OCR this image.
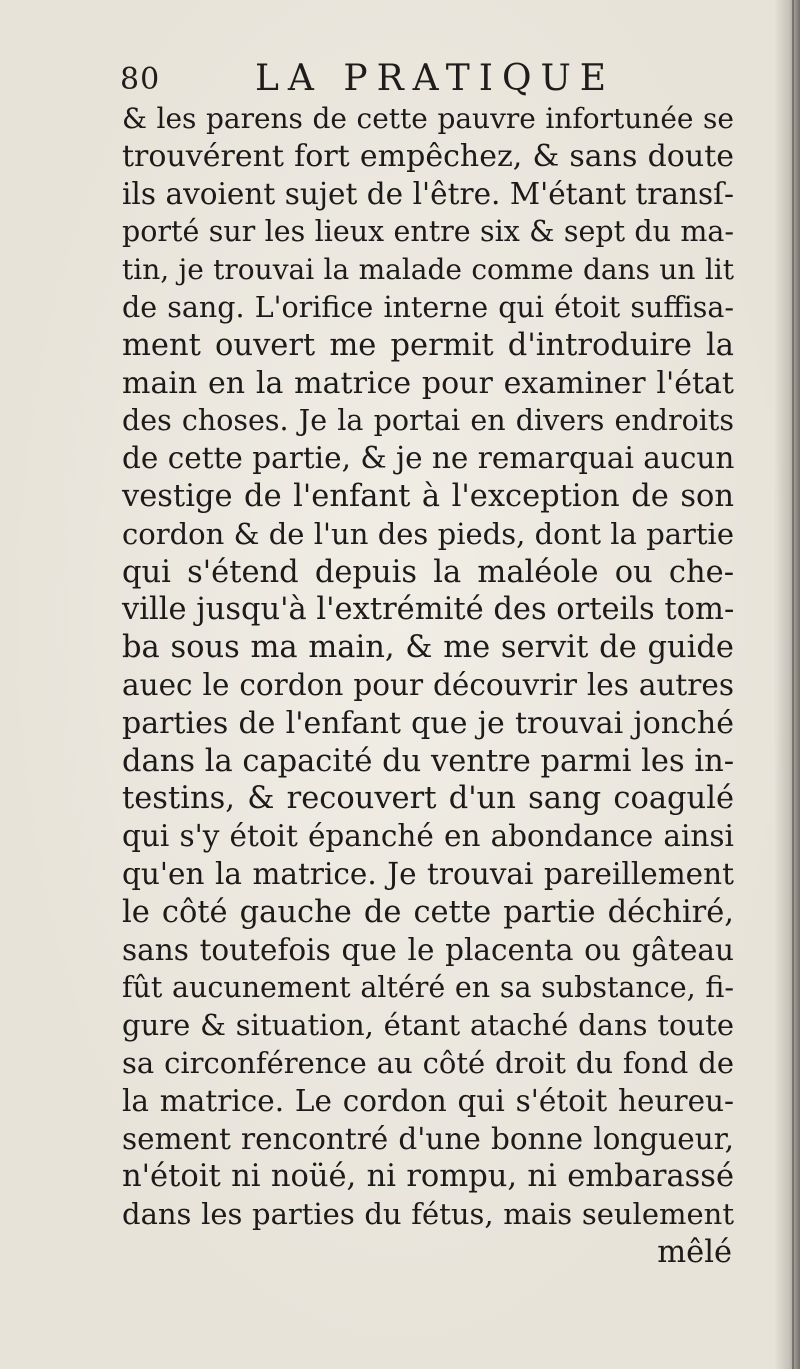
80	LA PRATIQUE
& les parens de cette pauvre infortunée se
trouvérent fort empêchez, & sans doute
ils avoient sujet de l'être. M'étant transſ-
porté sur les lieux entre six & sept du ma-
tin, je trouvai la malade comme dans un lit
de sang. L'orifice interne qui étoit suffisa-
ment ouvert me permit d'introduire la
main en la matrice pour examiner l'état
des choses. Je la portai en divers endroits
de cette partie, & je ne remarquai aucun
vestige de l'enfant à l'exception de son
cordon & de l'un des pieds, dont la partie
qui s'étend depuis la maléole ou che-
ville jusqu'à l'extrémité des orteils tom-
ba sous ma main, & me servit de guide
auec le cordon pour découvrir les autres
parties de l'enfant que je trouvai jonché
dans la capacité du ventre parmi les in-
testins, & recouvert d'un sang coagulé
qui s'y étoit épanché en abondance ainsi
qu'en la matrice. Je trouvai pareillement
le côté gauche de cette partie déchiré,
sans toutefois que le placenta ou gâteau
fût aucunement altéré en sa substance, fi-
gure & situation, étant ataché dans toute
sa circonférence au côté droit du fond de
la matrice. Le cordon qui s'étoit heureu-
sement rencontré d'une bonne longueur,
n'étoit ni noüé, ni rompu, ni embarassé
dans les parties du fétus, mais seulement
mêlé
